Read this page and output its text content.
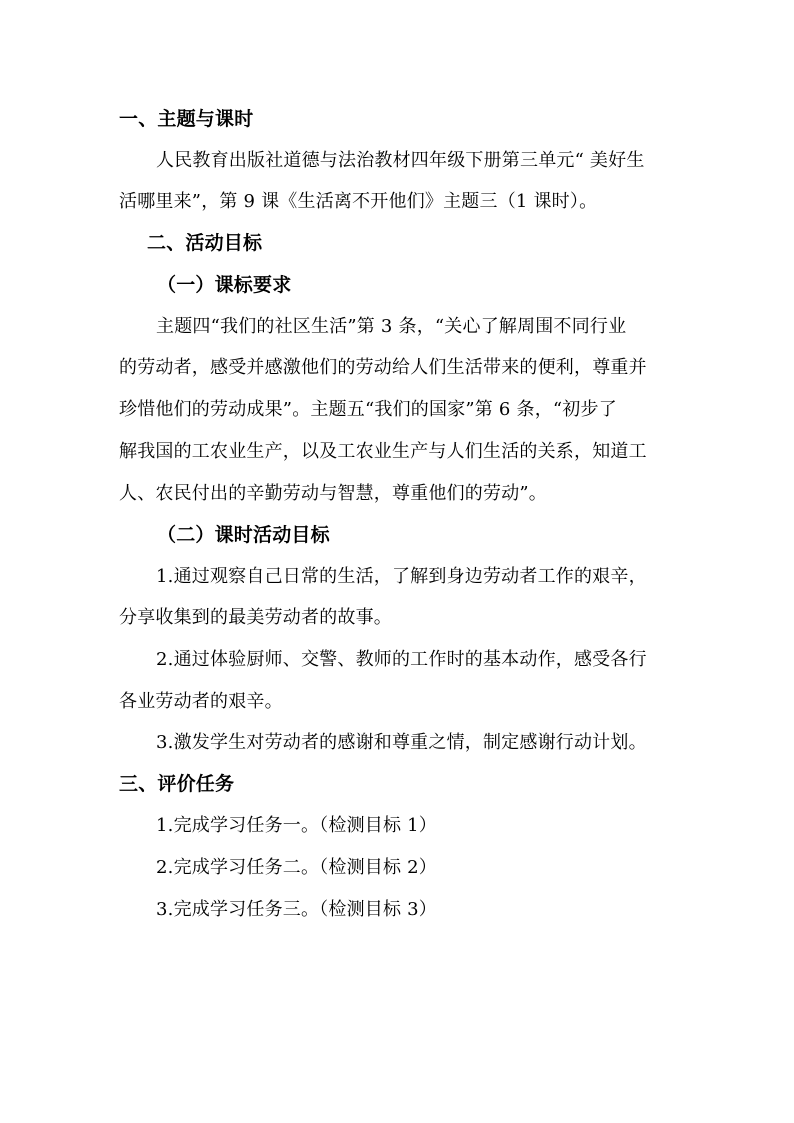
一、主题与课时
人民教育出版社道德与法治教材四年级下册第三单元“ 美好生
活哪里来”，第 9 课《生活离不开他们》主题三（1 课时）。
二、活动目标
（一）课标要求
主题四“我们的社区生活”第 3 条，“关心了解周围不同行业
的劳动者，感受并感激他们的劳动给人们生活带来的便利，尊重并
珍惜他们的劳动成果”。主题五“我们的国家”第 6 条，“初步了
解我国的工农业生产，以及工农业生产与人们生活的关系，知道工
人、农民付出的辛勤劳动与智慧，尊重他们的劳动”。
（二）课时活动目标
1.通过观察自己日常的生活，了解到身边劳动者工作的艰辛，
分享收集到的最美劳动者的故事。
2.通过体验厨师、交警、教师的工作时的基本动作，感受各行
各业劳动者的艰辛。
3.激发学生对劳动者的感谢和尊重之情，制定感谢行动计划。
三、评价任务
1.完成学习任务一。（检测目标 1）
2.完成学习任务二。（检测目标 2）
3.完成学习任务三。（检测目标 3）
